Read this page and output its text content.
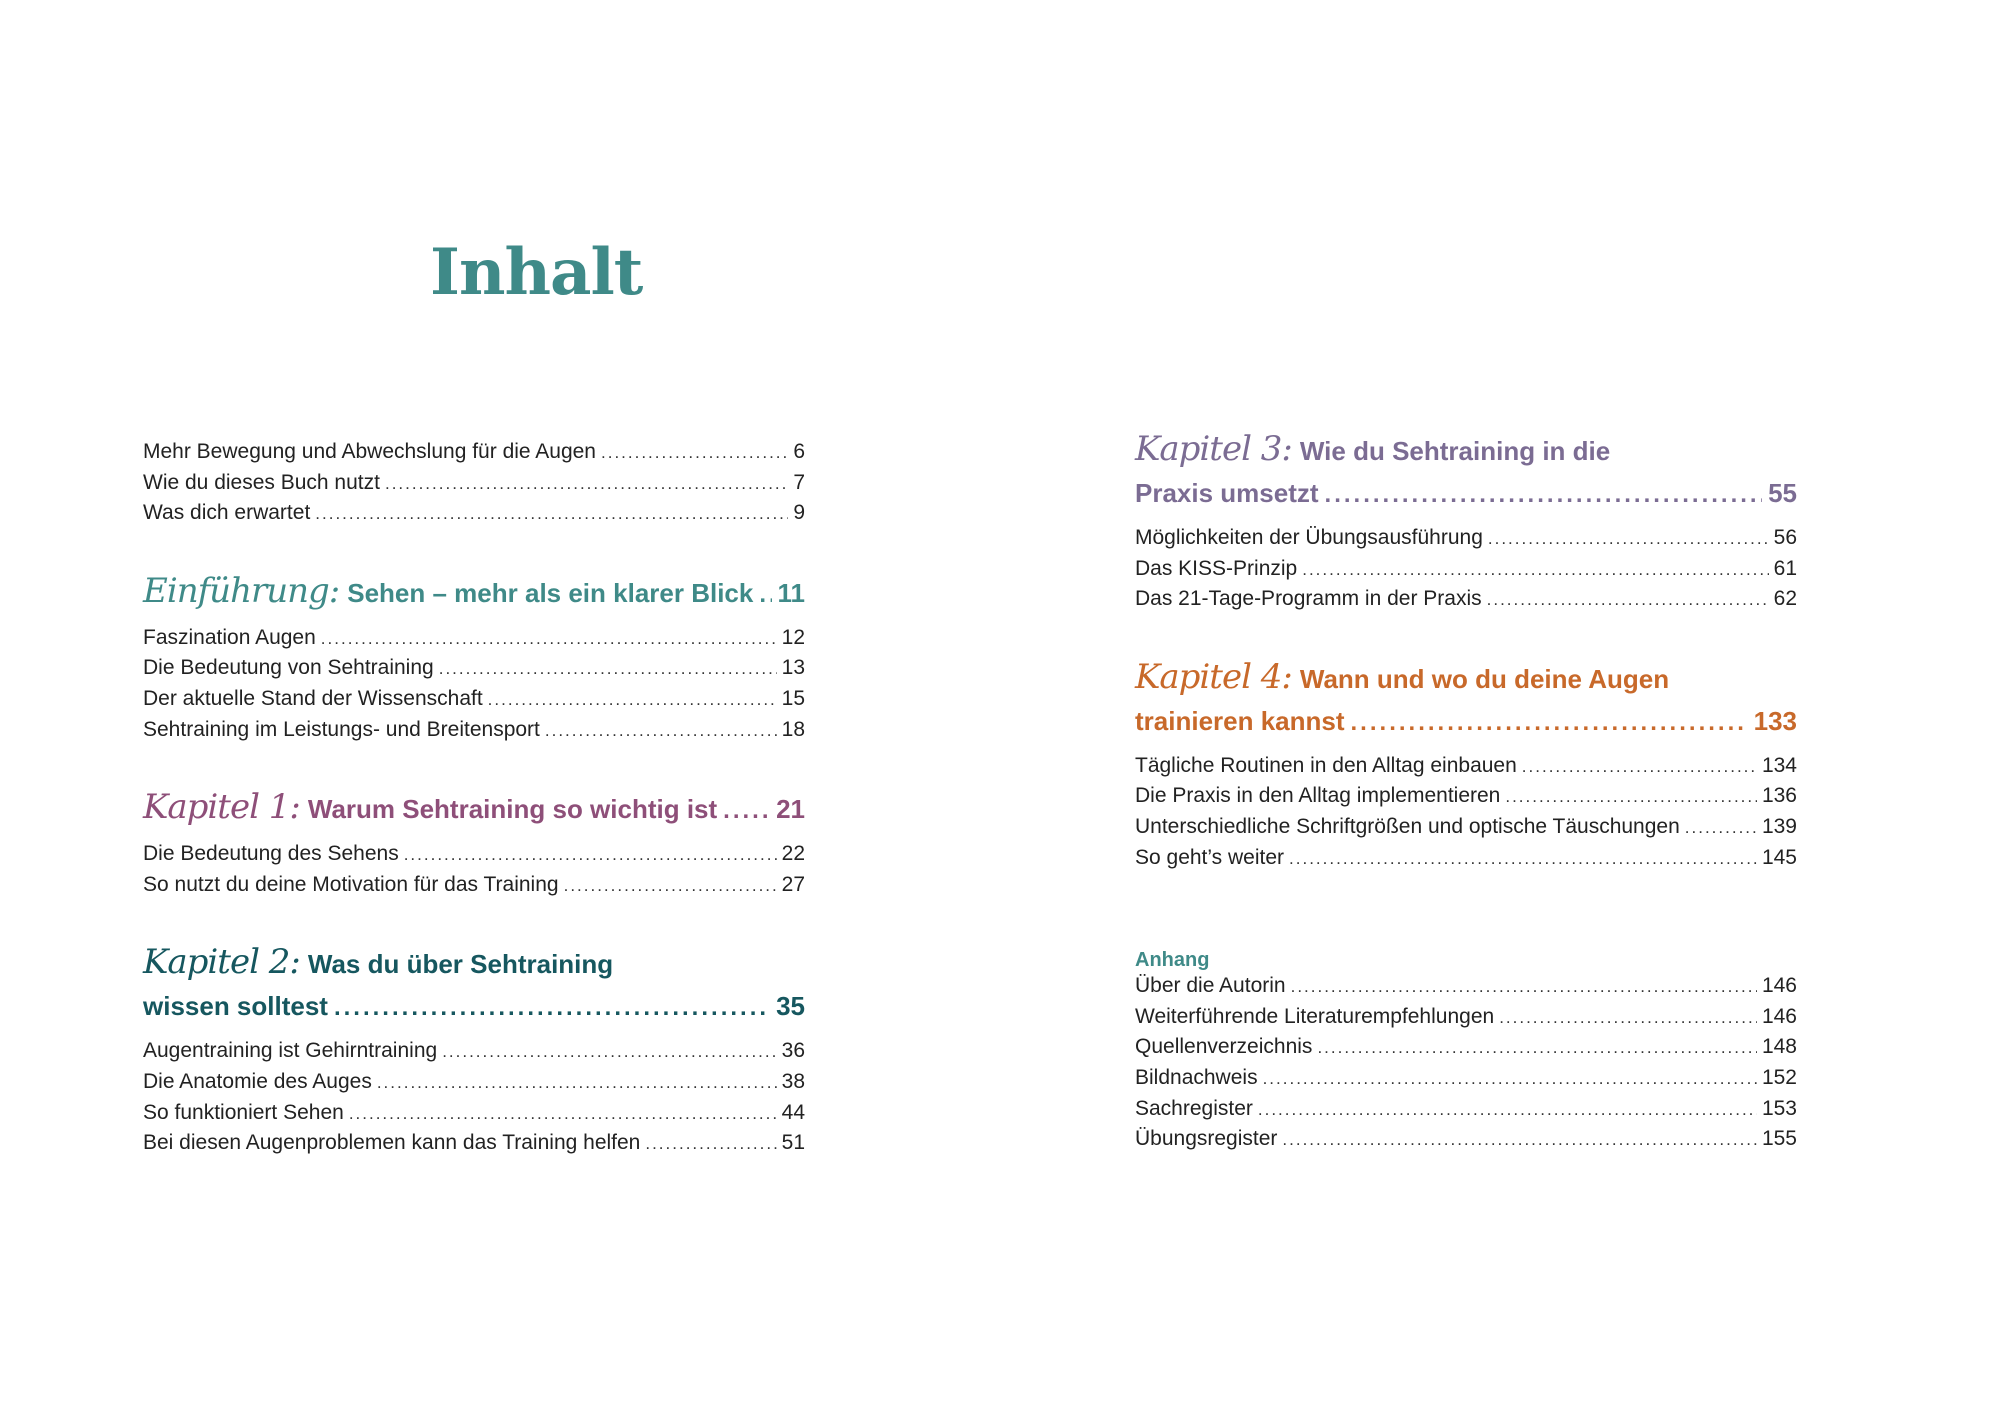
Inhalt
Mehr Bewegung und Abwechslung für die Augen .....	6
Wie du dieses Buch nutzt .....	7
Was dich erwartet .....	9
Einführung: Sehen – mehr als ein klarer Blick ..... 11
Faszination Augen .....	12
Die Bedeutung von Sehtraining .....	13
Der aktuelle Stand der Wissenschaft .....	15
Sehtraining im Leistungs- und Breitensport .....	18
Kapitel 1: Warum Sehtraining so wichtig ist ..... 21
Die Bedeutung des Sehens .....	22
So nutzt du deine Motivation für das Training .....	27
Kapitel 2: Was du über Sehtraining
wissen solltest .....	35
Augentraining ist Gehirntraining .....	36
Die Anatomie des Auges .....	38
So funktioniert Sehen .....	44
Bei diesen Augenproblemen kann das Training helfen .....	51
Kapitel 3: Wie du Sehtraining in die
Praxis umsetzt .....	55
Möglichkeiten der Übungsausführung .....	56
Das KISS-Prinzip .....	61
Das 21-Tage-Programm in der Praxis .....	62
Kapitel 4: Wann und wo du deine Augen
trainieren kannst .....	133
Tägliche Routinen in den Alltag einbauen .....	134
Die Praxis in den Alltag implementieren .....	136
Unterschiedliche Schriftgrößen und optische Täuschungen .....	139
So geht’s weiter .....	145
Anhang
Über die Autorin .....	146
Weiterführende Literaturempfehlungen .....	146
Quellenverzeichnis .....	148
Bildnachweis .....	152
Sachregister .....	153
Übungsregister .....	155
